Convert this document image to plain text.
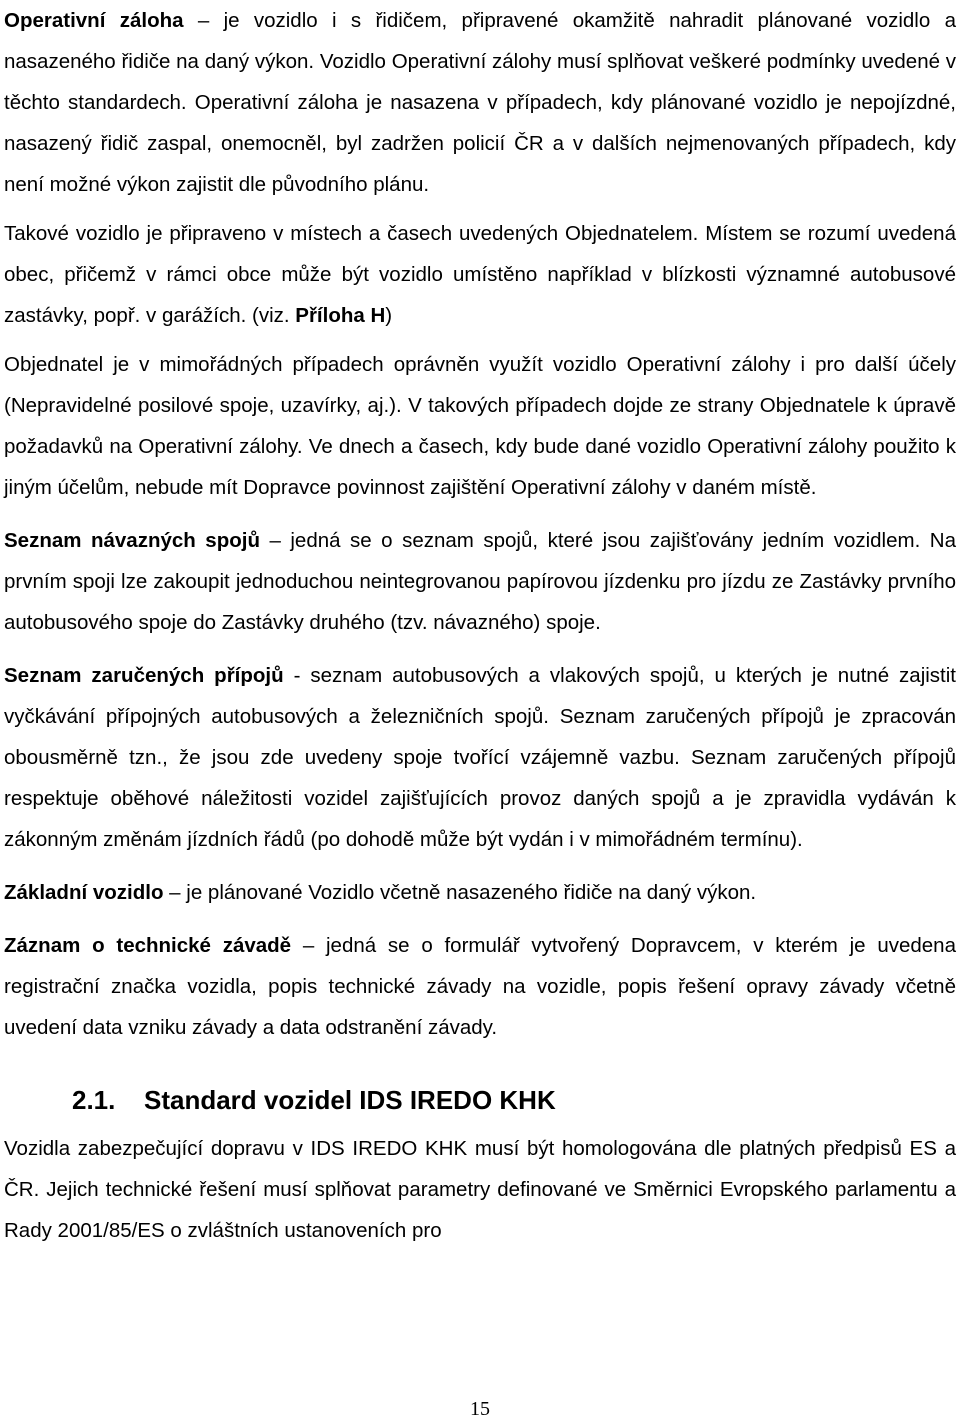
Operativní záloha – je vozidlo i s řidičem, připravené okamžitě nahradit plánované vozidlo a nasazeného řidiče na daný výkon. Vozidlo Operativní zálohy musí splňovat veškeré podmínky uvedené v těchto standardech. Operativní záloha je nasazena v případech, kdy plánované vozidlo je nepojízdné, nasazený řidič zaspal, onemocněl, byl zadržen policií ČR a v dalších nejmenovaných případech, kdy není možné výkon zajistit dle původního plánu.

Takové vozidlo je připraveno v místech a časech uvedených Objednatelem. Místem se rozumí uvedená obec, přičemž v rámci obce může být vozidlo umístěno například v blízkosti významné autobusové zastávky, popř. v garážích. (viz. Příloha H)

Objednatel je v mimořádných případech oprávněn využít vozidlo Operativní zálohy i pro další účely (Nepravidelné posilové spoje, uzavírky, aj.). V takových případech dojde ze strany Objednatele k úpravě požadavků na Operativní zálohy. Ve dnech a časech, kdy bude dané vozidlo Operativní zálohy použito k jiným účelům, nebude mít Dopravce povinnost zajištění Operativní zálohy v daném místě.

Seznam návazných spojů – jedná se o seznam spojů, které jsou zajišťovány jedním vozidlem. Na prvním spoji lze zakoupit jednoduchou neintegrovanou papírovou jízdenku pro jízdu ze Zastávky prvního autobusového spoje do Zastávky druhého (tzv. návazného) spoje.

Seznam zaručených přípojů - seznam autobusových a vlakových spojů, u kterých je nutné zajistit vyčkávání přípojných autobusových a železničních spojů. Seznam zaručených přípojů je zpracován obousměrně tzn., že jsou zde uvedeny spoje tvořící vzájemně vazbu. Seznam zaručených přípojů respektuje oběhové náležitosti vozidel zajišťujících provoz daných spojů a je zpravidla vydáván k zákonným změnám jízdních řádů (po dohodě může být vydán i v mimořádném termínu).

Základní vozidlo – je plánované Vozidlo včetně nasazeného řidiče na daný výkon.

Záznam o technické závadě – jedná se o formulář vytvořený Dopravcem, v kterém je uvedena registrační značka vozidla, popis technické závady na vozidle, popis řešení opravy závady včetně uvedení data vzniku závady a data odstranění závady.

2.1. Standard vozidel IDS IREDO KHK

Vozidla zabezpečující dopravu v IDS IREDO KHK musí být homologována dle platných předpisů ES a ČR. Jejich technické řešení musí splňovat parametry definované ve Směrnici Evropského parlamentu a Rady 2001/85/ES o zvláštních ustanoveních pro

15
